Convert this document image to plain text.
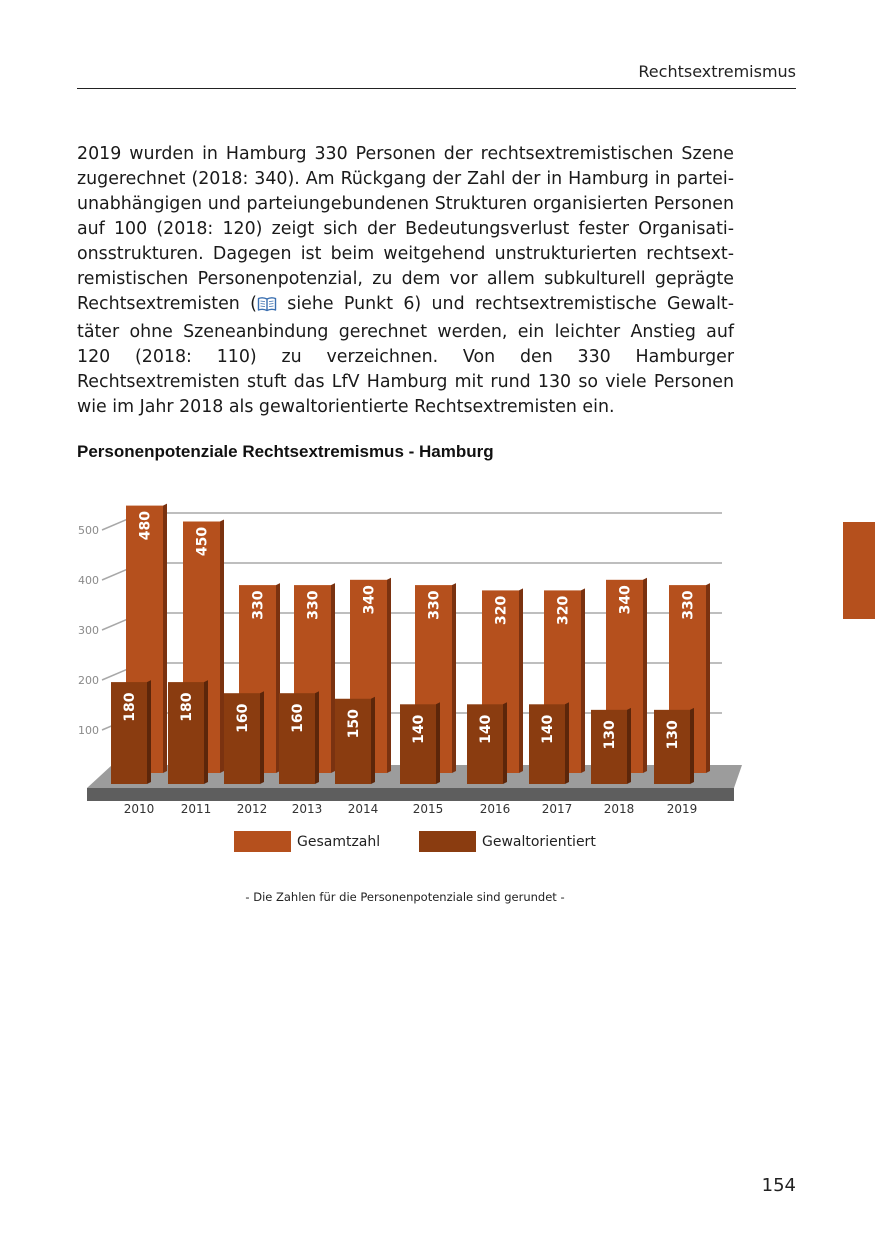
Rechtsextremismus
2019 wurden in Hamburg 330 Personen der rechtsextremistischen Szene zugerechnet (2018: 340). Am Rückgang der Zahl der in Hamburg in parteiunabhängigen und parteiungebundenen Strukturen organisierten Personen auf 100 (2018: 120) zeigt sich der Bedeutungsverlust fester Organisationsstrukturen. Dagegen ist beim weitgehend unstrukturierten rechtsextremistischen Personenpotenzial, zu dem vor allem subkulturell geprägte Rechtsextremisten ( siehe Punkt 6) und rechtsextremistische Gewalttäter ohne Szeneanbindung gerechnet werden, ein leichter Anstieg auf 120 (2018: 110) zu verzeichnen. Von den 330 Hamburger Rechtsextremisten stuft das LfV Hamburg mit rund 130 so viele Personen wie im Jahr 2018 als gewaltorientierte Rechtsextremisten ein.
Personenpotenziale Rechtsextremismus - Hamburg
100
200
300
400
500	480
450
330	330	340	330	320	320	340	330
180	180	160	160	150	140	140	140	130	130
2010 2011 2012 2013 2014	2015	2016	2017	2018	2019
Gesamtzahl	Gewaltorientiert
- Die Zahlen für die Personenpotenziale sind gerundet -
154
